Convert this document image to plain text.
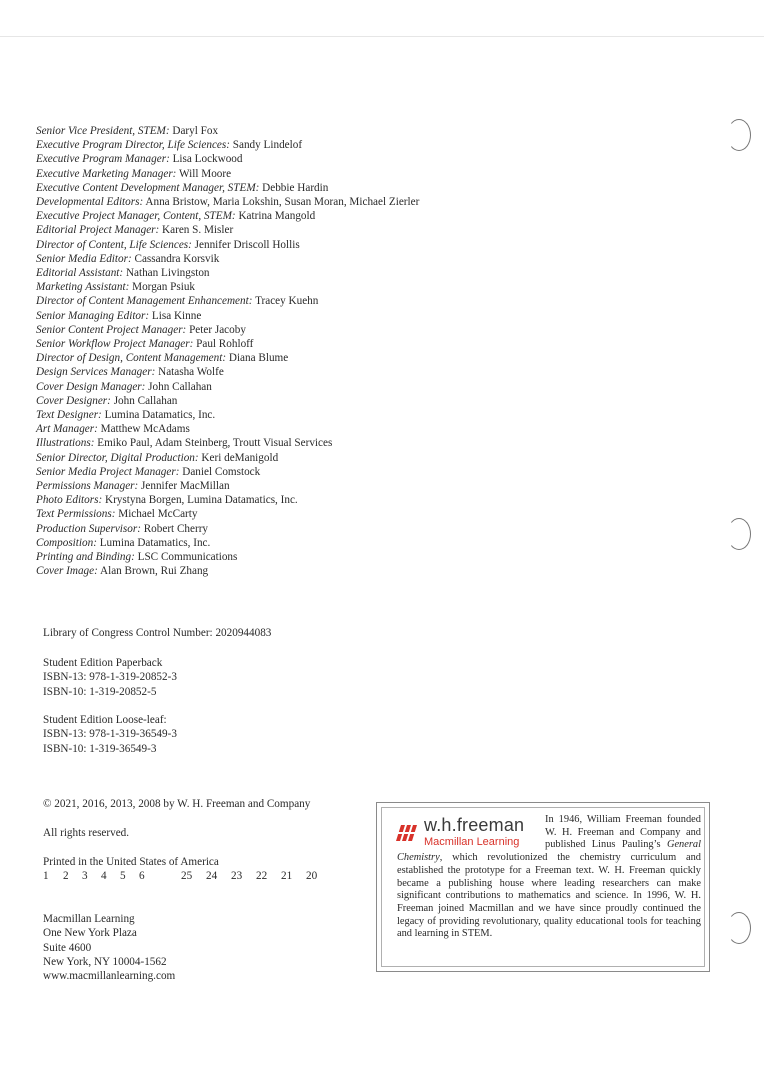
Senior Vice President, STEM: Daryl Fox
Executive Program Director, Life Sciences: Sandy Lindelof
Executive Program Manager: Lisa Lockwood
Executive Marketing Manager: Will Moore
Executive Content Development Manager, STEM: Debbie Hardin
Developmental Editors: Anna Bristow, Maria Lokshin, Susan Moran, Michael Zierler
Executive Project Manager, Content, STEM: Katrina Mangold
Editorial Project Manager: Karen S. Misler
Director of Content, Life Sciences: Jennifer Driscoll Hollis
Senior Media Editor: Cassandra Korsvik
Editorial Assistant: Nathan Livingston
Marketing Assistant: Morgan Psiuk
Director of Content Management Enhancement: Tracey Kuehn
Senior Managing Editor: Lisa Kinne
Senior Content Project Manager: Peter Jacoby
Senior Workflow Project Manager: Paul Rohloff
Director of Design, Content Management: Diana Blume
Design Services Manager: Natasha Wolfe
Cover Design Manager: John Callahan
Cover Designer: John Callahan
Text Designer: Lumina Datamatics, Inc.
Art Manager: Matthew McAdams
Illustrations: Emiko Paul, Adam Steinberg, Troutt Visual Services
Senior Director, Digital Production: Keri deManigold
Senior Media Project Manager: Daniel Comstock
Permissions Manager: Jennifer MacMillan
Photo Editors: Krystyna Borgen, Lumina Datamatics, Inc.
Text Permissions: Michael McCarty
Production Supervisor: Robert Cherry
Composition: Lumina Datamatics, Inc.
Printing and Binding: LSC Communications
Cover Image: Alan Brown, Rui Zhang
Library of Congress Control Number: 2020944083
Student Edition Paperback
ISBN-13: 978-1-319-20852-3
ISBN-10: 1-319-20852-5
Student Edition Loose-leaf:
ISBN-13: 978-1-319-36549-3
ISBN-10: 1-319-36549-3
© 2021, 2016, 2013, 2008 by W. H. Freeman and Company
All rights reserved.
Printed in the United States of America
1	2	3	4	5	6	25	24	23	22	21	20
Macmillan Learning
One New York Plaza
Suite 4600
New York, NY 10004-1562
www.macmillanlearning.com
w.h.freeman
Macmillan Learning
In 1946, William Freeman founded W. H. Freeman and Company and published Linus Pauling’s General Chemistry, which revolutionized the chemistry curriculum and established the prototype for a Freeman text. W. H. Freeman quickly became a publishing house where leading researchers can make significant contributions to mathematics and science. In 1996, W. H. Freeman joined Macmillan and we have since proudly continued the legacy of providing revolutionary, quality educational tools for teaching and learning in STEM.
